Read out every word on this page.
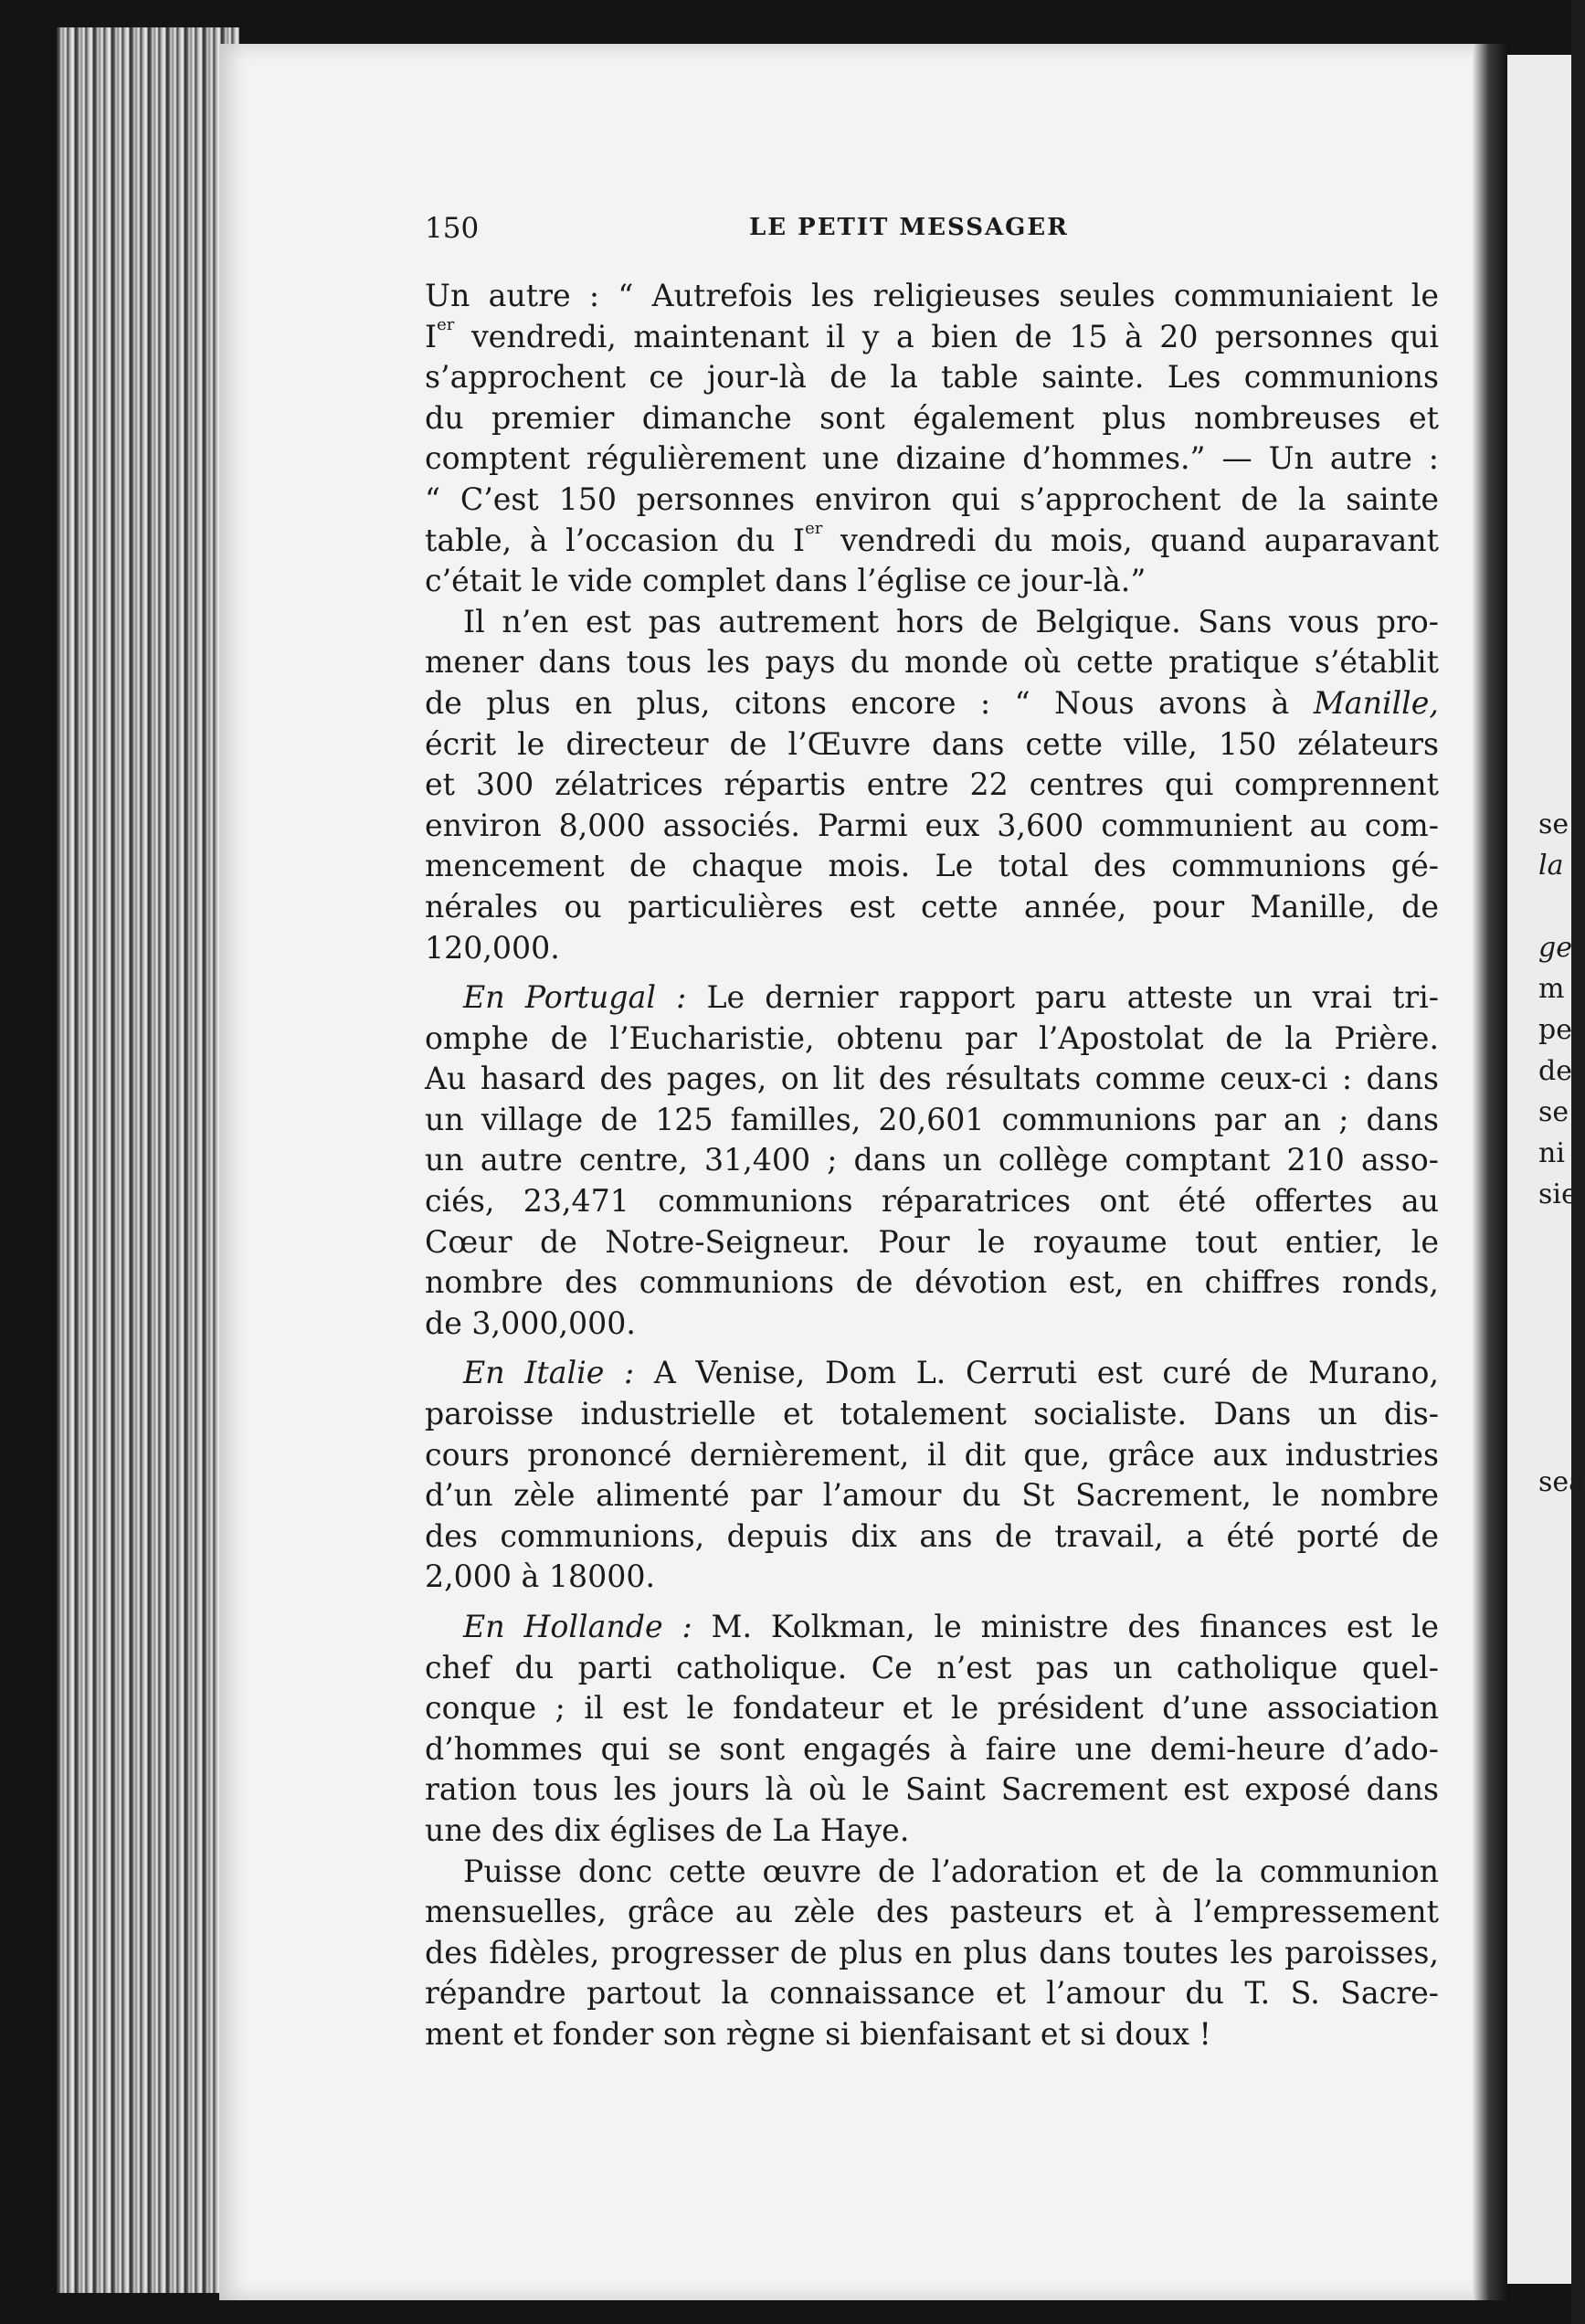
se
la
ge
m
pe
de
se
ni
sie
sea
150	LE PETIT MESSAGER

Un autre : “ Autrefois les religieuses seules communiaient le
Ier vendredi, maintenant il y a bien de 15 à 20 personnes qui
s’approchent ce jour-là de la table sainte. Les communions
du premier dimanche sont également plus nombreuses et
comptent régulièrement une dizaine d’hommes.” — Un autre :
“ C’est 150 personnes environ qui s’approchent de la sainte
table, à l’occasion du Ier vendredi du mois, quand auparavant
c’était le vide complet dans l’église ce jour-là.”

Il n’en est pas autrement hors de Belgique. Sans vous pro-
mener dans tous les pays du monde où cette pratique s’établit
de plus en plus, citons encore : “ Nous avons à Manille,
écrit le directeur de l’Œuvre dans cette ville, 150 zélateurs
et 300 zélatrices répartis entre 22 centres qui comprennent
environ 8,000 associés. Parmi eux 3,600 communient au com-
mencement de chaque mois. Le total des communions gé-
nérales ou particulières est cette année, pour Manille, de
120,000.

En Portugal : Le dernier rapport paru atteste un vrai tri-
omphe de l’Eucharistie, obtenu par l’Apostolat de la Prière.
Au hasard des pages, on lit des résultats comme ceux-ci : dans
un village de 125 familles, 20,601 communions par an ; dans
un autre centre, 31,400 ; dans un collège comptant 210 asso-
ciés, 23,471 communions réparatrices ont été offertes au
Cœur de Notre-Seigneur. Pour le royaume tout entier, le
nombre des communions de dévotion est, en chiffres ronds,
de 3,000,000.

En Italie : A Venise, Dom L. Cerruti est curé de Murano,
paroisse industrielle et totalement socialiste. Dans un dis-
cours prononcé dernièrement, il dit que, grâce aux industries
d’un zèle alimenté par l’amour du St Sacrement, le nombre
des communions, depuis dix ans de travail, a été porté de
2,000 à 18000.

En Hollande : M. Kolkman, le ministre des finances est le
chef du parti catholique. Ce n’est pas un catholique quel-
conque ; il est le fondateur et le président d’une association
d’hommes qui se sont engagés à faire une demi-heure d’ado-
ration tous les jours là où le Saint Sacrement est exposé dans
une des dix églises de La Haye.

Puisse donc cette œuvre de l’adoration et de la communion
mensuelles, grâce au zèle des pasteurs et à l’empressement
des fidèles, progresser de plus en plus dans toutes les paroisses,
répandre partout la connaissance et l’amour du T. S. Sacre-
ment et fonder son règne si bienfaisant et si doux !
